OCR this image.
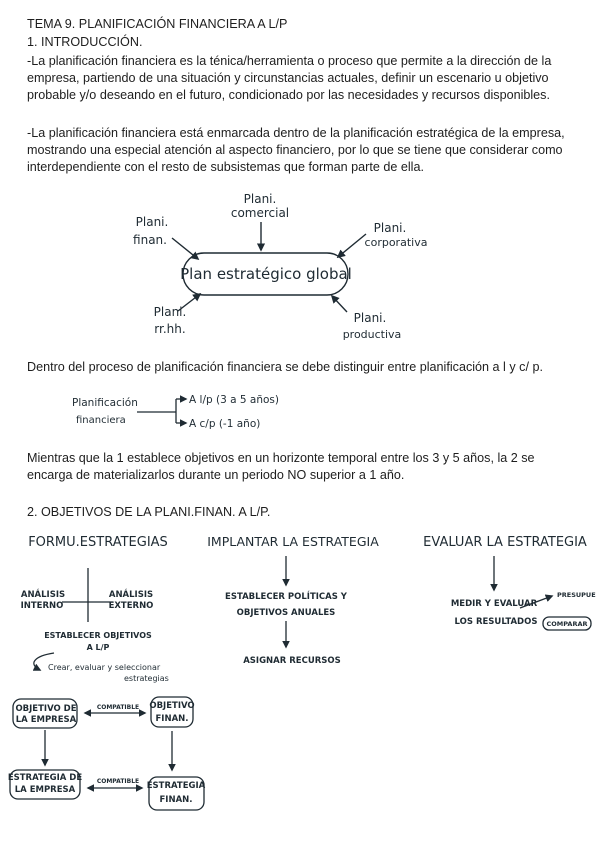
TEMA 9. PLANIFICACIÓN FINANCIERA A L/P

1. INTRODUCCIÓN.

-La planificación financiera es la ténica/herramienta o proceso que permite a la dirección de la empresa, partiendo de una situación y circunstancias actuales, definir un escenario u objetivo probable y/o deseando en el futuro, condicionado por las necesidades y recursos disponibles.

-La planificación financiera está enmarcada dentro de la planificación estratégica de la empresa, mostrando una especial atención al aspecto financiero, por lo que se tiene que considerar como interdependiente con el resto de subsistemas que forman parte de ella.

Dentro del proceso de planificación financiera se debe distinguir entre planificación a l y c/ p.

Mientras que la 1 establece objetivos en un horizonte temporal entre los 3 y 5 años, la 2 se encarga de materializarlos durante un periodo NO superior a 1 año.

2. OBJETIVOS DE LA PLANI.FINAN. A L/P.

Plan estratégico global
Plani.
comercial
Plani.
finan.
Plani.
corporativa
Plani.
rr.hh.
Plani.
productiva
Planificación
financiera
A l/p (3 a 5 años)
A c/p (-1 año)
FORMU.ESTRATEGIAS	IMPLANTAR LA ESTRATEGIA	EVALUAR LA ESTRATEGIA
ANÁLISIS
INTERNO
ANÁLISIS
EXTERNO
ESTABLECER OBJETIVOS
A L/P
Crear, evaluar y seleccionar
estrategias
OBJETIVO DE
LA EMPRESA
OBJETIVO
FINAN.
COMPATIBLE
ESTRATEGIA DE
LA EMPRESA	ESTRATEGIA
FINAN.
COMPATIBLE
ESTABLECER POLÍTICAS Y
OBJETIVOS ANUALES
ASIGNAR RECURSOS
MEDIR Y EVALUAR
LOS RESULTADOS
PRESUPUE
COMPARAR
